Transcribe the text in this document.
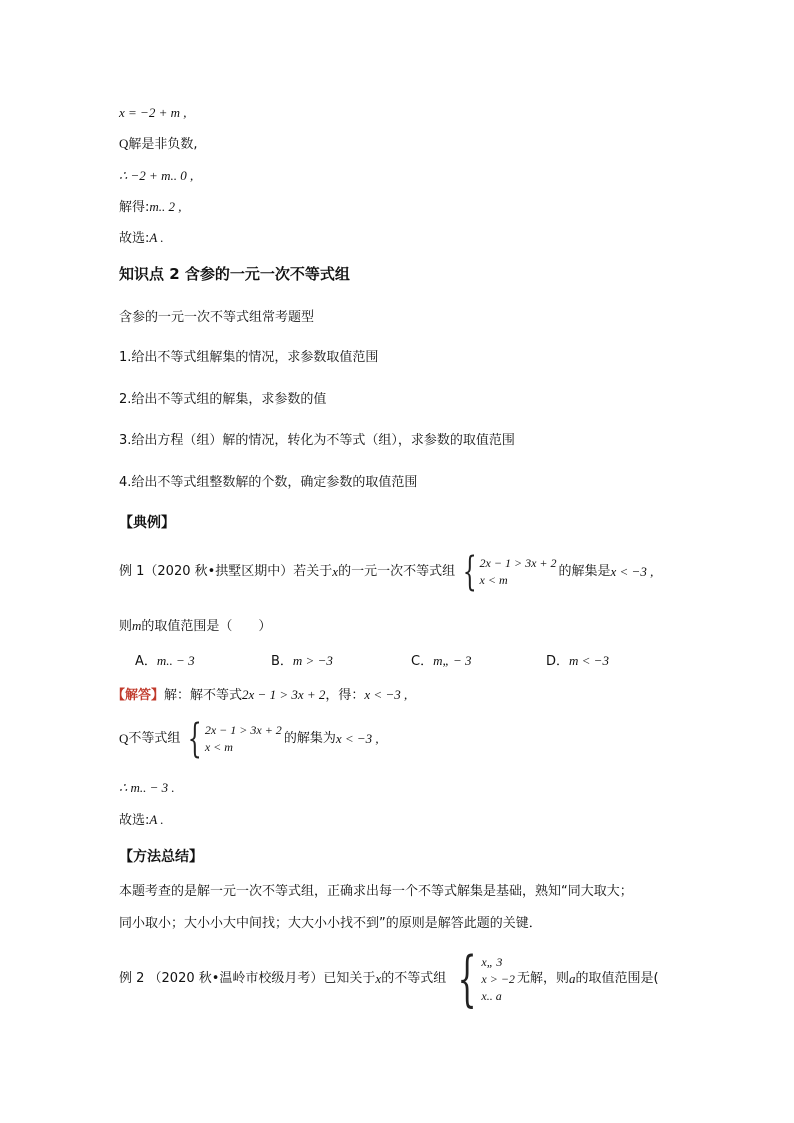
x = −2 + m ,
Q解是非负数,
∴ −2 + m.. 0 ,
解得:m.. 2 ,
故选:A .
知识点 2 含参的一元一次不等式组
含参的一元一次不等式组常考题型
1.给出不等式组解集的情况，求参数取值范围
2.给出不等式组的解集，求参数的值
3.给出方程（组）解的情况，转化为不等式（组），求参数的取值范围
4.给出不等式组整数解的个数，确定参数的取值范围
【典例】
例 1（2020 秋•拱墅区期中）若关于 x 的一元一次不等式组 { 2x − 1 > 3x + 2
x < m
的解集是 x < −3 ,
则m的取值范围是（　　）
A．m.. − 3	B．m > −3	C．m„ − 3	D．m < −3
【解答】解：解不等式2x − 1 > 3x + 2，得：x < −3 ,
Q 不等式组 { 2x − 1 > 3x + 2
x < m
的解集为 x < −3 ,
∴ m.. − 3 .
故选:A .
【方法总结】
本题考查的是解一元一次不等式组，正确求出每一个不等式解集是基础，熟知“同大取大；
同小取小；大小小大中间找；大大小小找不到”的原则是解答此题的关键．
例 2 （2020 秋•温岭市校级月考）已知关于 x 的不等式组 { x„ 3
x > −2
x.. a
无解，则 a 的取值范围是(
